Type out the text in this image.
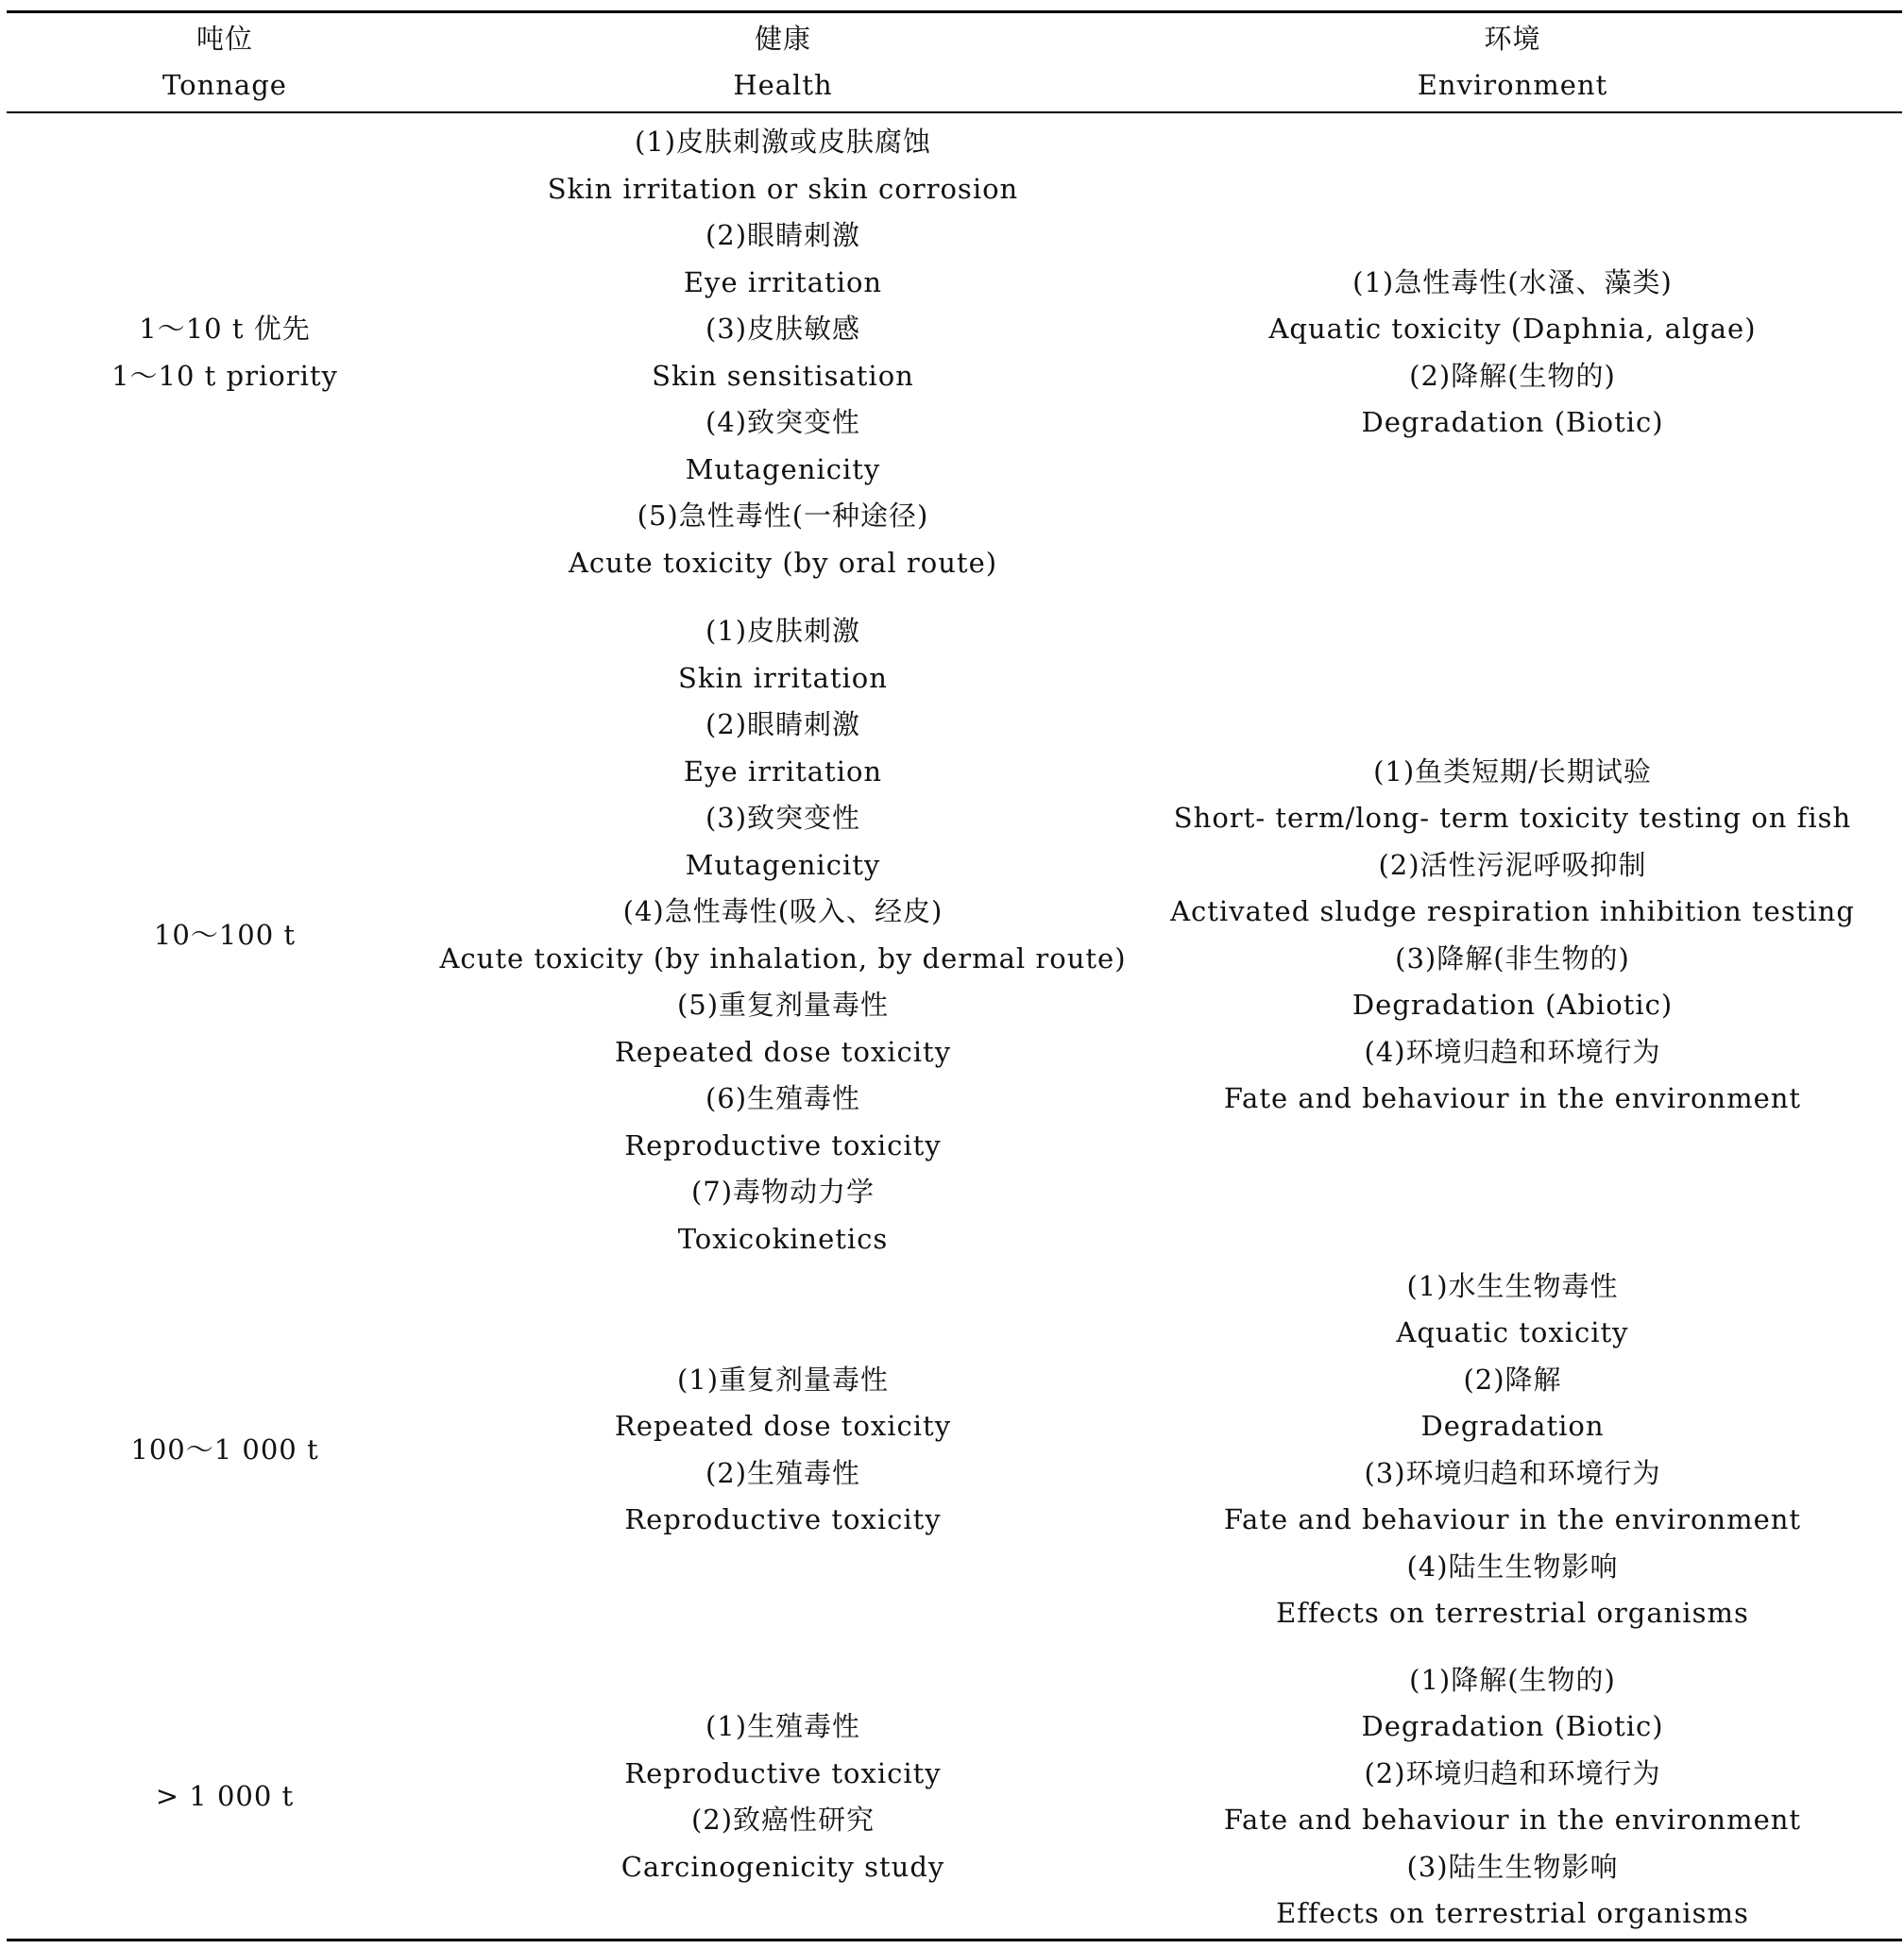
吨位
Tonnage
健康
Health
环境
Environment
1～10 t 优先
1～10 t priority
(1)皮肤刺激或皮肤腐蚀
Skin irritation or skin corrosion
(2)眼睛刺激
Eye irritation
(3)皮肤敏感
Skin sensitisation
(4)致突变性
Mutagenicity
(5)急性毒性(一种途径)
Acute toxicity (by oral route)
(1)急性毒性(水溞、藻类)
Aquatic toxicity (Daphnia, algae)
(2)降解(生物的)
Degradation (Biotic)
10～100 t
(1)皮肤刺激
Skin irritation
(2)眼睛刺激
Eye irritation
(3)致突变性
Mutagenicity
(4)急性毒性(吸入、经皮)
Acute toxicity (by inhalation, by dermal route)
(5)重复剂量毒性
Repeated dose toxicity
(6)生殖毒性
Reproductive toxicity
(7)毒物动力学
Toxicokinetics
(1)鱼类短期/长期试验
Short- term/long- term toxicity testing on fish
(2)活性污泥呼吸抑制
Activated sludge respiration inhibition testing
(3)降解(非生物的)
Degradation (Abiotic)
(4)环境归趋和环境行为
Fate and behaviour in the environment
100～1 000 t
(1)重复剂量毒性
Repeated dose toxicity
(2)生殖毒性
Reproductive toxicity
(1)水生生物毒性
Aquatic toxicity
(2)降解
Degradation
(3)环境归趋和环境行为
Fate and behaviour in the environment
(4)陆生生物影响
Effects on terrestrial organisms
> 1 000 t
(1)生殖毒性
Reproductive toxicity
(2)致癌性研究
Carcinogenicity study
(1)降解(生物的)
Degradation (Biotic)
(2)环境归趋和环境行为
Fate and behaviour in the environment
(3)陆生生物影响
Effects on terrestrial organisms
